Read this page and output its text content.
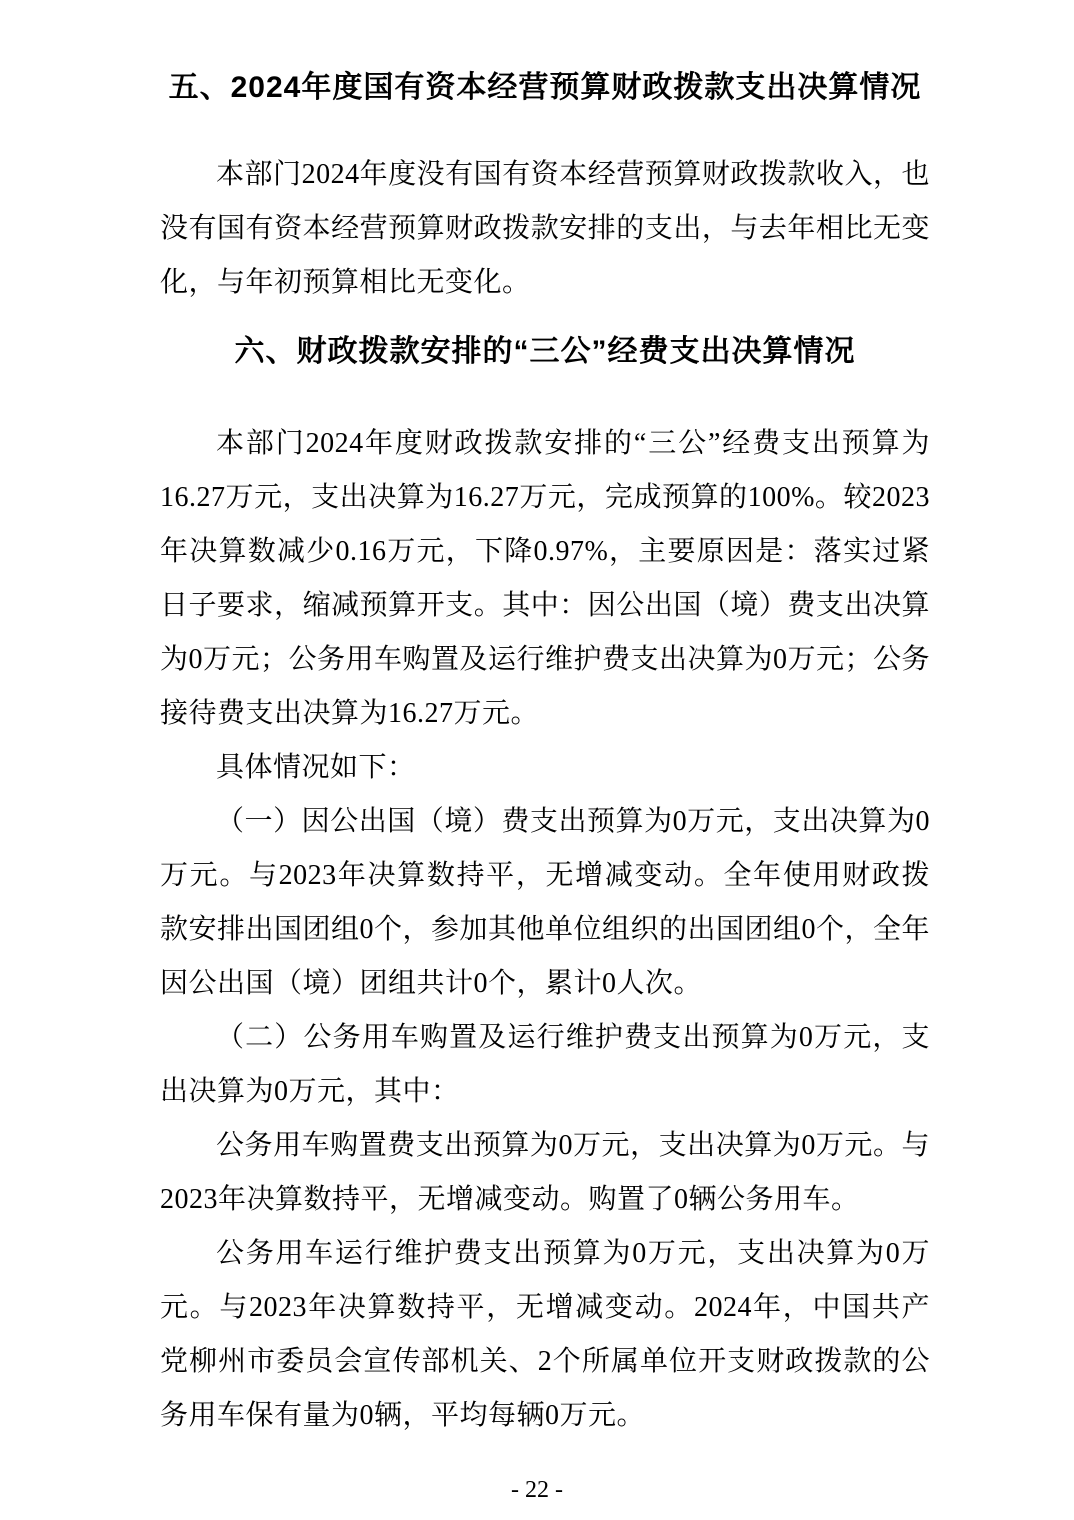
五、2024年度国有资本经营预算财政拨款支出决算情况

本部门2024年度没有国有资本经营预算财政拨款收入，也没有国有资本经营预算财政拨款安排的支出，与去年相比无变化，与年初预算相比无变化。

六、财政拨款安排的“三公”经费支出决算情况

本部门2024年度财政拨款安排的“三公”经费支出预算为16.27万元，支出决算为16.27万元，完成预算的100%。较2023年决算数减少0.16万元，下降0.97%，主要原因是：落实过紧日子要求，缩减预算开支。其中：因公出国（境）费支出决算为0万元；公务用车购置及运行维护费支出决算为0万元；公务接待费支出决算为16.27万元。

具体情况如下：

（一）因公出国（境）费支出预算为0万元，支出决算为0万元。与2023年决算数持平，无增减变动。全年使用财政拨款安排出国团组0个，参加其他单位组织的出国团组0个，全年因公出国（境）团组共计0个，累计0人次。

（二）公务用车购置及运行维护费支出预算为0万元，支出决算为0万元，其中：

公务用车购置费支出预算为0万元，支出决算为0万元。与2023年决算数持平，无增减变动。购置了0辆公务用车。

公务用车运行维护费支出预算为0万元，支出决算为0万元。与2023年决算数持平，无增减变动。2024年，中国共产党柳州市委员会宣传部机关、2个所属单位开支财政拨款的公务用车保有量为0辆，平均每辆0万元。

- 22 -
